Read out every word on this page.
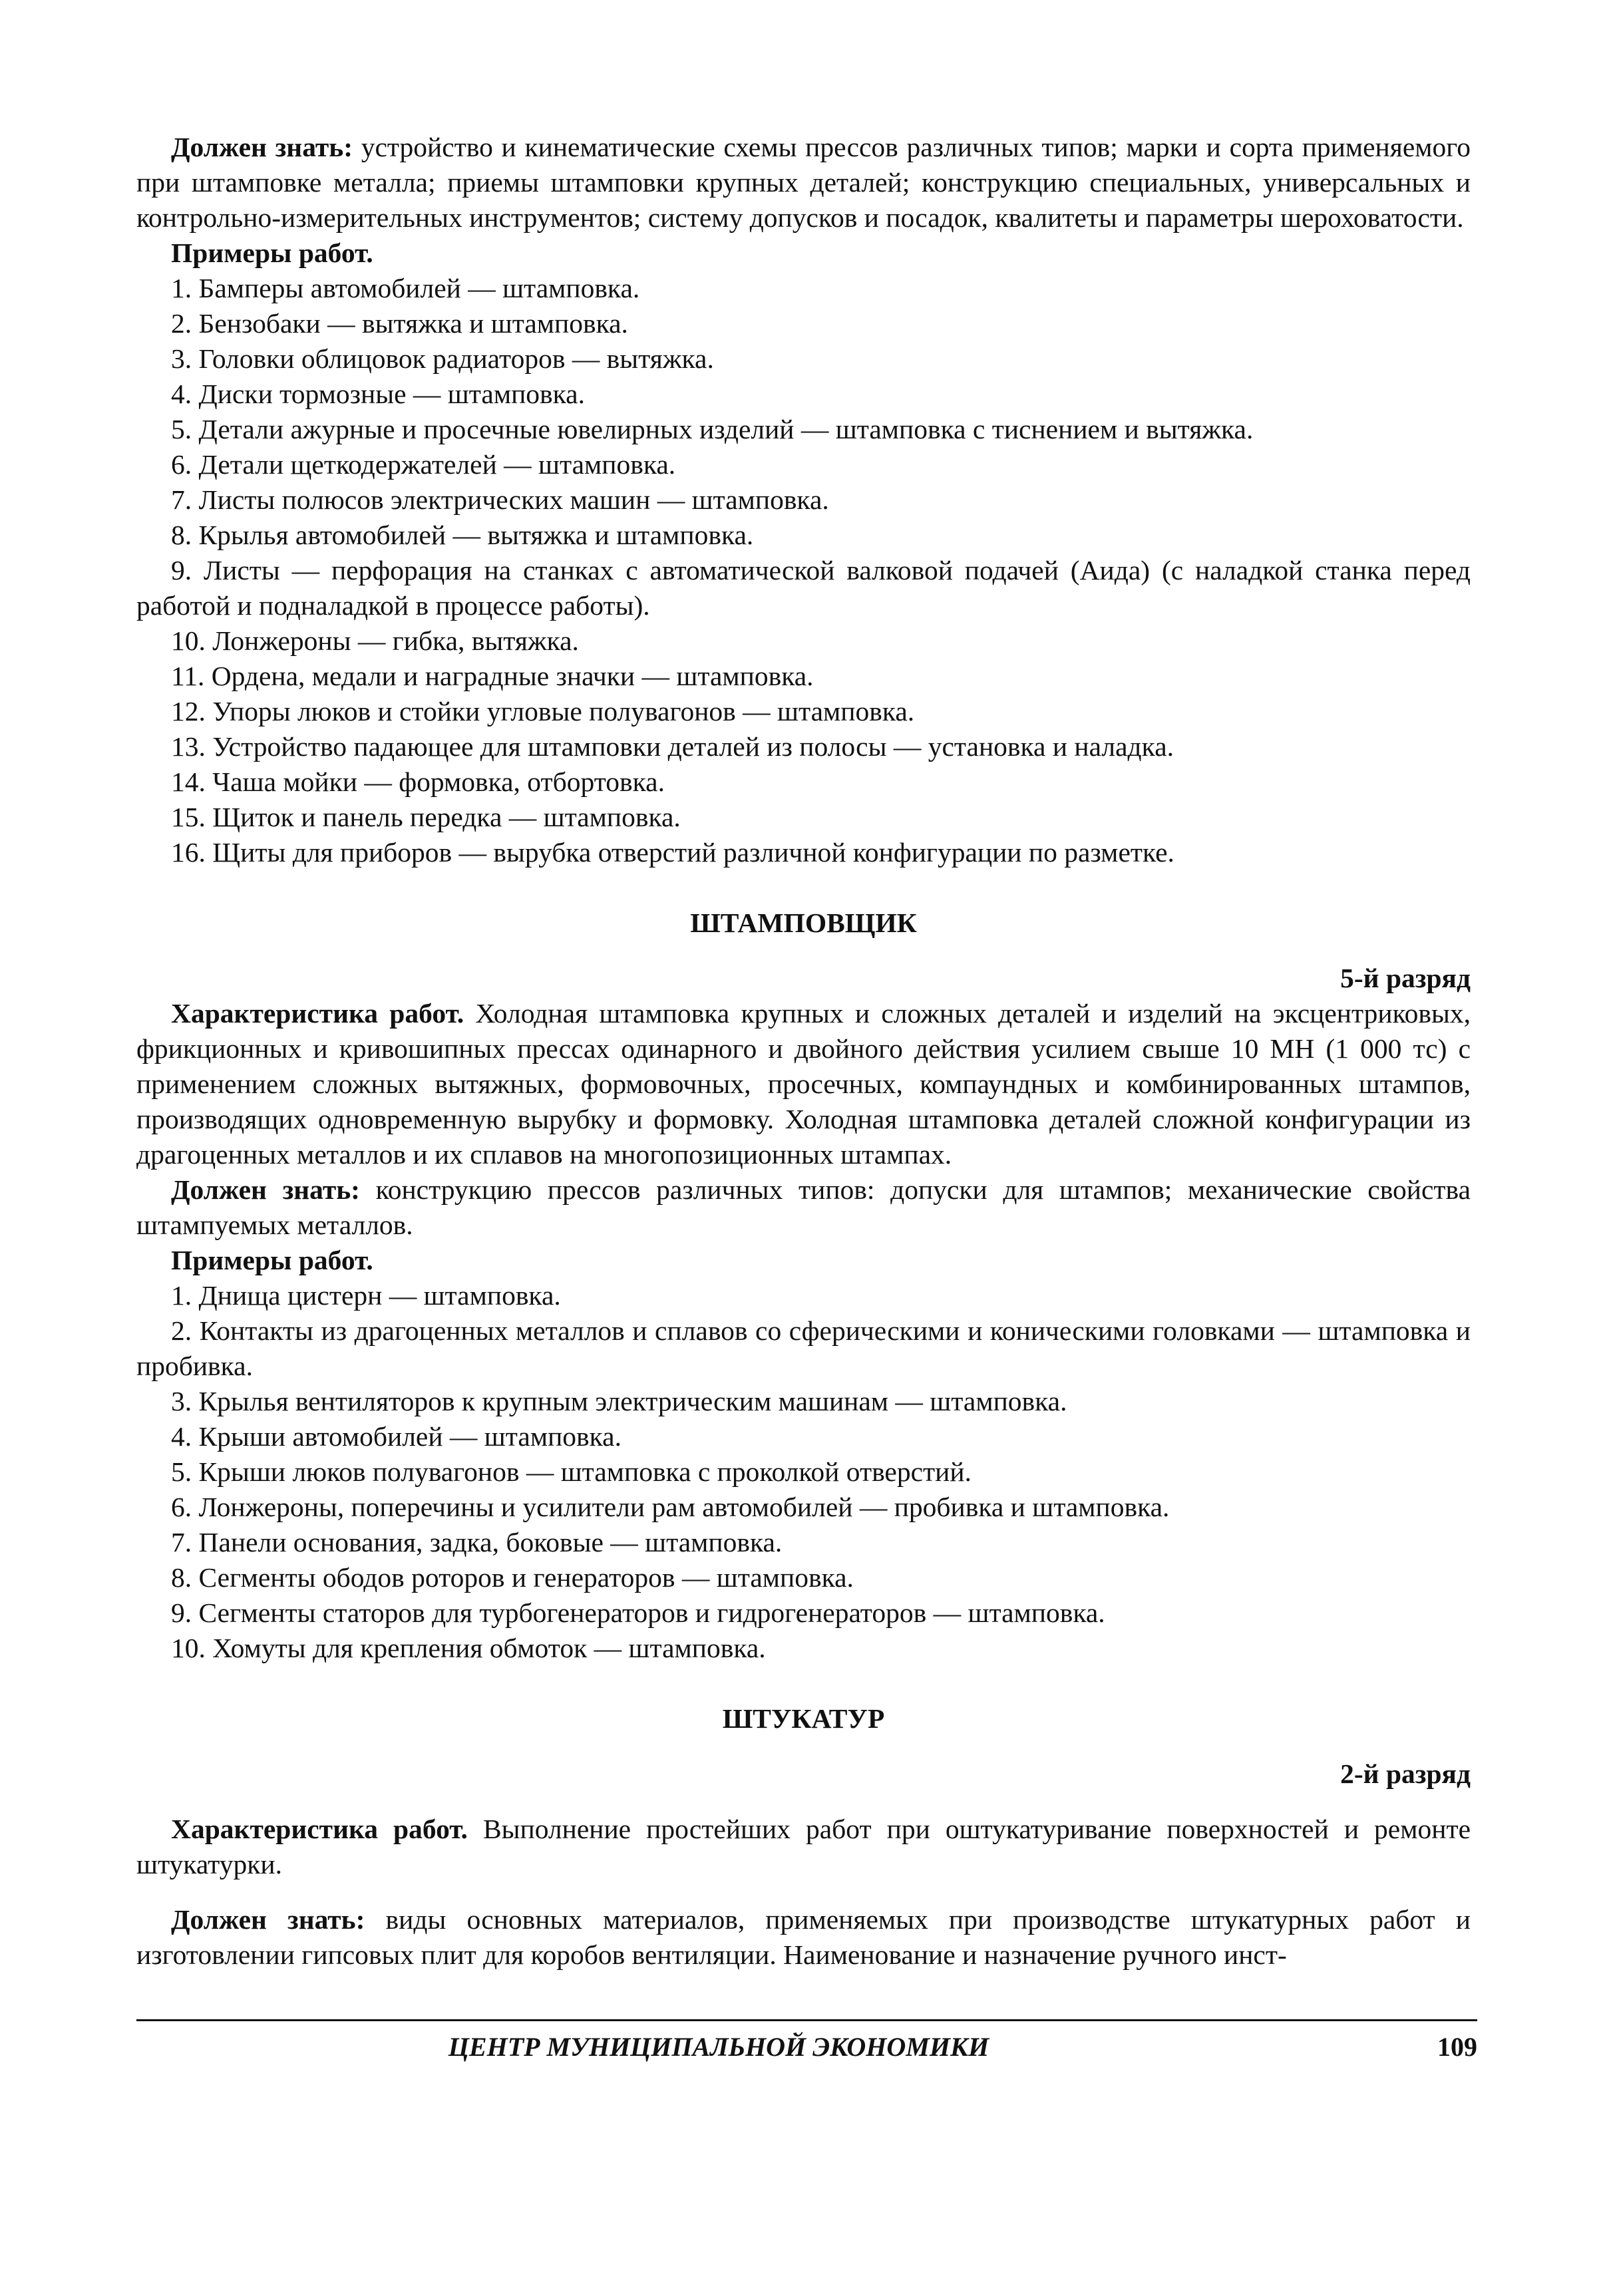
Должен знать: устройство и кинематические схемы прессов различных типов; марки и сорта применяемого при штамповке металла; приемы штамповки крупных деталей; конструкцию специальных, универсальных и контрольно-измерительных инструментов; систему допусков и посадок, квалитеты и параметры шероховатости.

Примеры работ.

1. Бамперы автомобилей — штамповка.

2. Бензобаки — вытяжка и штамповка.

3. Головки облицовок радиаторов — вытяжка.

4. Диски тормозные — штамповка.

5. Детали ажурные и просечные ювелирных изделий — штамповка с тиснением и вытяжка.

6. Детали щеткодержателей — штамповка.

7. Листы полюсов электрических машин — штамповка.

8. Крылья автомобилей — вытяжка и штамповка.

9. Листы — перфорация на станках с автоматической валковой подачей (Аида) (с наладкой станка перед работой и подналадкой в процессе работы).

10. Лонжероны — гибка, вытяжка.

11. Ордена, медали и наградные значки — штамповка.

12. Упоры люков и стойки угловые полувагонов — штамповка.

13. Устройство падающее для штамповки деталей из полосы — установка и наладка.

14. Чаша мойки — формовка, отбортовка.

15. Щиток и панель передка — штамповка.

16. Щиты для приборов — вырубка отверстий различной конфигурации по разметке.

ШТАМПОВЩИК

5-й разряд

Характеристика работ. Холодная штамповка крупных и сложных деталей и изделий на эксцентриковых, фрикционных и кривошипных прессах одинарного и двойного действия усилием свыше 10 МН (1 000 тс) с применением сложных вытяжных, формовочных, просечных, компаундных и комбинированных штампов, производящих одновременную вырубку и формовку. Холодная штамповка деталей сложной конфигурации из драгоценных металлов и их сплавов на многопозиционных штампах.

Должен знать: конструкцию прессов различных типов: допуски для штампов; механические свойства штампуемых металлов.

Примеры работ.

1. Днища цистерн — штамповка.

2. Контакты из драгоценных металлов и сплавов со сферическими и коническими головками — штамповка и пробивка.

3. Крылья вентиляторов к крупным электрическим машинам — штамповка.

4. Крыши автомобилей — штамповка.

5. Крыши люков полувагонов — штамповка с проколкой отверстий.

6. Лонжероны, поперечины и усилители рам автомобилей — пробивка и штамповка.

7. Панели основания, задка, боковые — штамповка.

8. Сегменты ободов роторов и генераторов — штамповка.

9. Сегменты статоров для турбогенераторов и гидрогенераторов — штамповка.

10. Хомуты для крепления обмоток — штамповка.

ШТУКАТУР

2-й разряд

Характеристика работ. Выполнение простейших работ при оштукатуривание поверхностей и ремонте штукатурки.

Должен знать: виды основных материалов, применяемых при производстве штукатурных работ и изготовлении гипсовых плит для коробов вентиляции. Наименование и назначение ручного инст-

ЦЕНТР МУНИЦИПАЛЬНОЙ ЭКОНОМИКИ	109
